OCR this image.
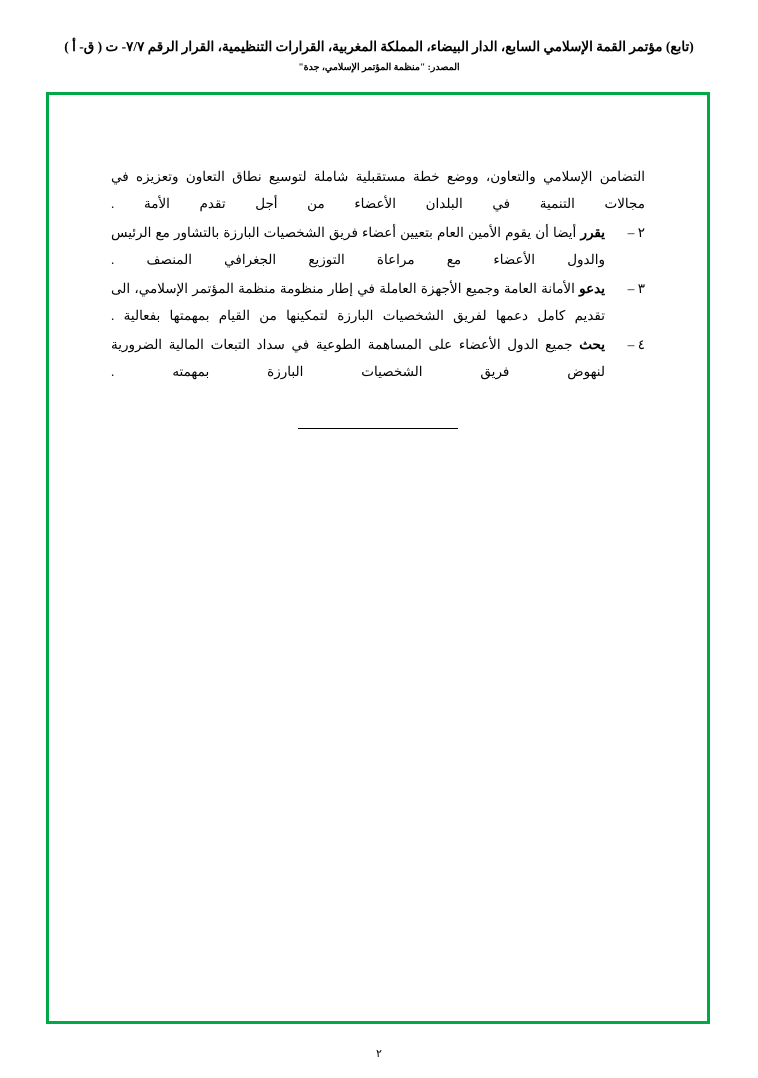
(تابع) مؤتمر القمة الإسلامي السابع، الدار البيضاء، المملكة المغربية، القرارات التنظيمية، القرار الرقم ٧/٧- ت ( ق- أ )
المصدر: "منظمة المؤتمر الإسلامي، جدة"
التضامن الإسلامي والتعاون، ووضع خطة مستقبلية شاملة لتوسيع نطاق التعاون وتعزيزه في مجالات التنمية في البلدان الأعضاء من أجل تقدم الأمة .
٢ –
يقرر أيضا أن يقوم الأمين العام بتعيين أعضاء فريق الشخصيات البارزة بالتشاور مع الرئيس والدول الأعضاء مع مراعاة التوزيع الجغرافي المنصف .
٣ –
يدعو الأمانة العامة وجميع الأجهزة العاملة في إطار منظومة منظمة المؤتمر الإسلامي، الى تقديم كامل دعمها لفريق الشخصيات البارزة لتمكينها من القيام بمهمتها بفعالية .
٤ –
يحث جميع الدول الأعضاء على المساهمة الطوعية في سداد التبعات المالية الضرورية لنهوض فريق الشخصيات البارزة بمهمته .
٢
